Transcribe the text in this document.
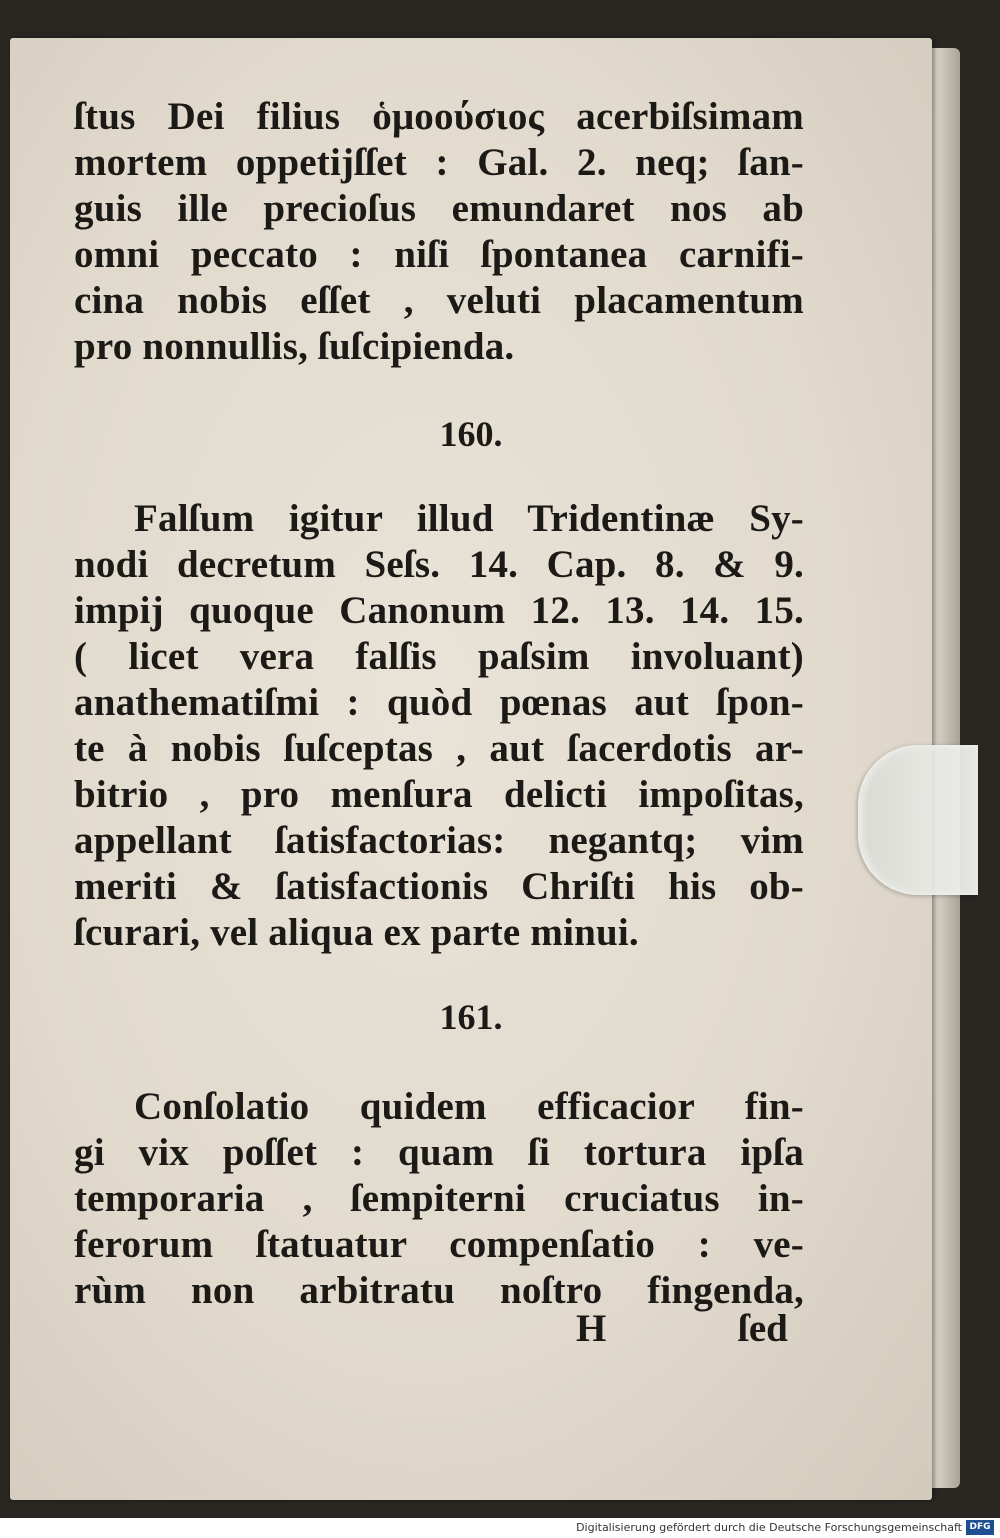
ſtus Dei filius ὁμοούσιος acerbiſsimam
mortem oppetijſſet : Gal. 2. neq; ſan-
guis ille precioſus emundaret nos ab
omni peccato : niſi ſpontanea carnifi-
cina nobis eſſet , veluti placamentum
pro nonnullis, ſuſcipienda.
160.
Falſum igitur illud Tridentinæ Sy-
nodi decretum Seſs. 14. Cap. 8. & 9.
impij quoque Canonum 12. 13. 14. 15.
( licet vera falſis paſsim involuant)
anathematiſmi : quòd pœnas aut ſpon-
te à nobis ſuſceptas , aut ſacerdotis ar-
bitrio , pro menſura delicti impoſitas,
appellant ſatisfactorias: negantq; vim
meriti & ſatisfactionis Chriſti his ob-
ſcurari, vel aliqua ex parte minui.
161.
Conſolatio quidem efficacior fin-
gi vix poſſet : quam ſi tortura ipſa
temporaria , ſempiterni cruciatus in-
ferorum ſtatuatur compenſatio : ve-
rùm non arbitratu noſtro fingenda,
H	ſed
Digitalisierung gefördert durch die Deutsche Forschungsgemeinschaft DFG
